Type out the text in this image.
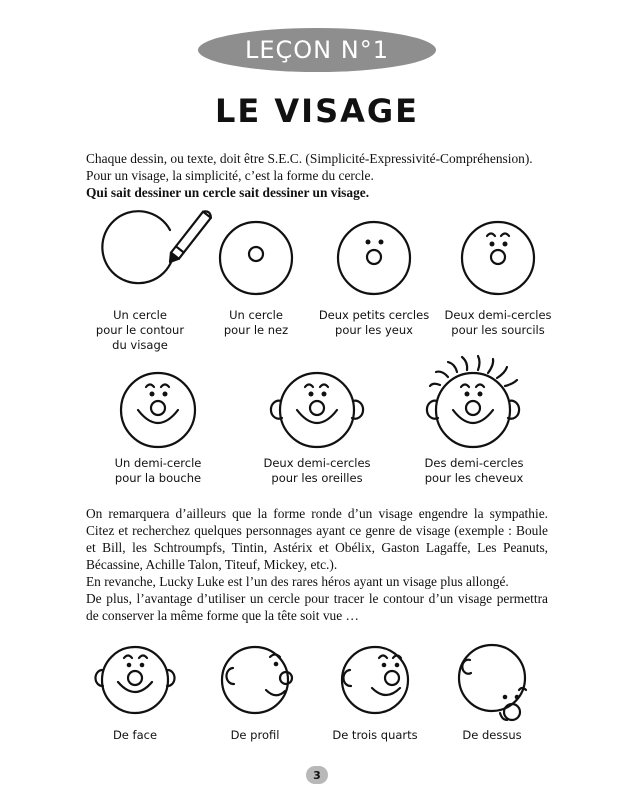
LEÇON N°1
LE VISAGE

Chaque dessin, ou texte, doit être S.E.C. (Simplicité-Expressivité-Compréhension).

Pour un visage, la simplicité, c’est la forme du cercle.

Qui sait dessiner un cercle sait dessiner un visage.

Un cercle
pour le contour
du visage
Un cercle
pour le nez
Deux petits cercles
pour les yeux
Deux demi-cercles
pour les sourcils
Un demi-cercle
pour la bouche
Deux demi-cercles
pour les oreilles
Des demi-cercles
pour les cheveux

On remarquera d’ailleurs que la forme ronde d’un visage engendre la sympathie. Citez et recherchez quelques personnages ayant ce genre de visage (exemple : Boule et Bill, les Schtroumpfs, Tintin, Astérix et Obélix, Gaston Lagaffe, Les Peanuts, Bécassine, Achille Talon, Titeuf, Mickey, etc.).

En revanche, Lucky Luke est l’un des rares héros ayant un visage plus allongé.

De plus, l’avantage d’utiliser un cercle pour tracer le contour d’un visage permettra de conserver la même forme que la tête soit vue …

De face	De profil	De trois quarts	De dessus
3
